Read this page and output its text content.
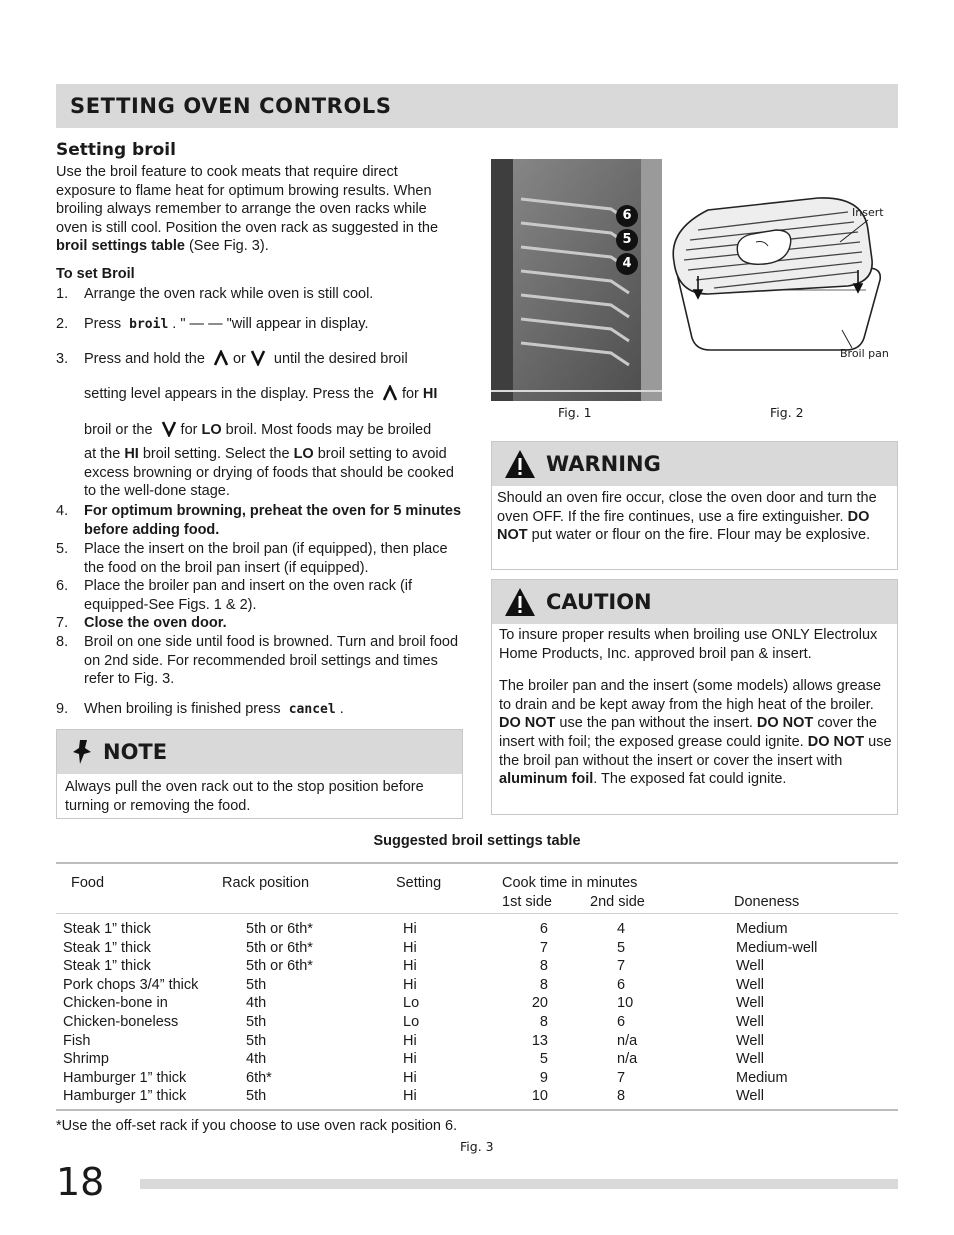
SETTING OVEN CONTROLS
Setting broil
Use the broil feature to cook meats that require direct exposure to flame heat for optimum browing results. When broiling always remember to arrange the oven racks while oven is still cool. Position the oven rack as suggested in the broil settings table (See Fig. 3).
To set Broil
1. Arrange the oven rack while oven is still cool.
2. Press broil . " — — "will appear in display.
3. Press and hold the or until the desired broil
setting level appears in the display. Press the for HI
broil or the for LO broil. Most foods may be broiled
at the HI broil setting. Select the LO broil setting to avoid excess browning or drying of foods that should be cooked to the well-done stage.
4. For optimum browning, preheat the oven for 5 minutes before adding food.
5. Place the insert on the broil pan (if equipped), then place the food on the broil pan insert (if equipped).
6. Place the broiler pan and insert on the oven rack (if equipped-See Figs. 1 & 2).
7. Close the oven door.
8. Broil on one side until food is browned. Turn and broil food on 2nd side. For recommended broil settings and times refer to Fig. 3.
9. When broiling is finished press cancel .
NOTE
Always pull the oven rack out to the stop position before turning or removing the food.
6
5
4
Fig. 1
Insert
Broil pan
Fig. 2
WARNING
Should an oven fire occur, close the oven door and turn the oven OFF. If the fire continues, use a fire extinguisher. DO NOT put water or flour on the fire. Flour may be explosive.
CAUTION

To insure proper results when broiling use ONLY Electrolux Home Products, Inc. approved broil pan & insert.

The broiler pan and the insert (some models) allows grease to drain and be kept away from the high heat of the broiler. DO NOT use the pan without the insert. DO NOT cover the insert with foil; the exposed grease could ignite. DO NOT use the broil pan without the insert or cover the insert with aluminum foil. The exposed fat could ignite.

Suggested broil settings table
Food	Rack position	Setting	Cook time in minutes
1st side	2nd side	Doneness
Steak 1” thick	5th or 6th*	Hi	6	4	Medium
Steak 1” thick	5th or 6th*	Hi	7	5	Medium-well
Steak 1” thick	5th or 6th*	Hi	8	7	Well
Pork chops 3/4” thick	5th	Hi	8	6	Well
Chicken-bone in	4th	Lo	20	10	Well
Chicken-boneless	5th	Lo	8	6	Well
Fish	5th	Hi	13	n/a	Well
Shrimp	4th	Hi	5	n/a	Well
Hamburger 1” thick	6th*	Hi	9	7	Medium
Hamburger 1” thick	5th	Hi	10	8	Well
*Use the off-set rack if you choose to use oven rack position 6.
Fig. 3
18
